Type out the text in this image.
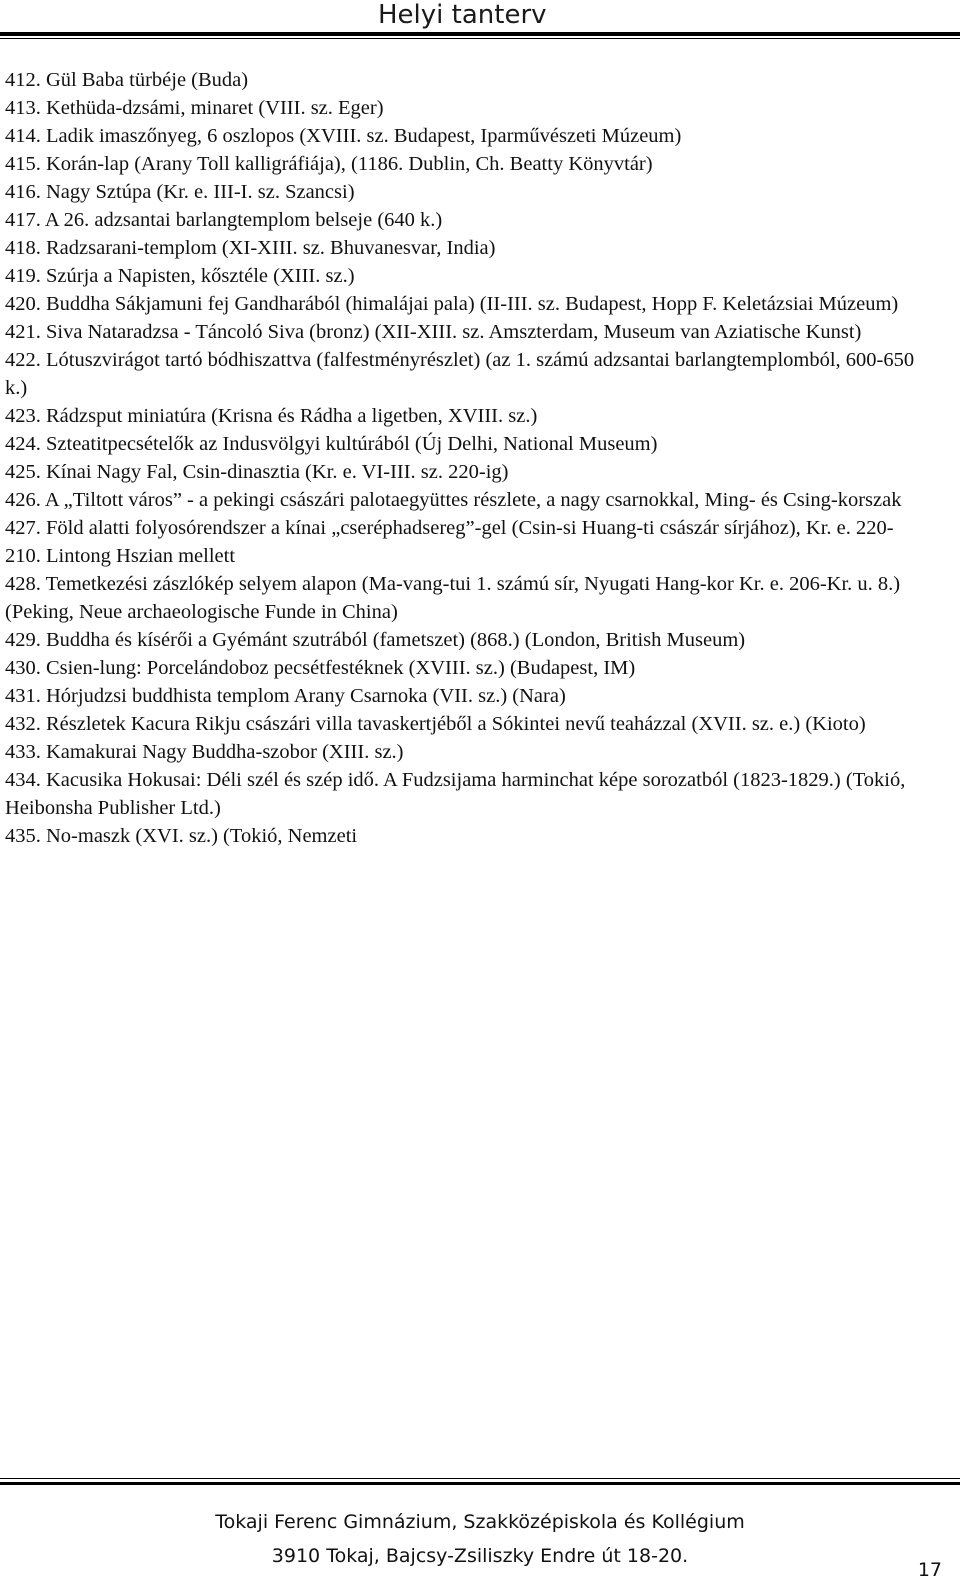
Helyi tanterv
412. Gül Baba türbéje (Buda)
413. Kethüda-dzsámi, minaret (VIII. sz. Eger)
414. Ladik imaszőnyeg, 6 oszlopos (XVIII. sz. Budapest, Iparművészeti Múzeum)
415. Korán-lap (Arany Toll kalligráfiája), (1186. Dublin, Ch. Beatty Könyvtár)
416. Nagy Sztúpa (Kr. e. III-I. sz. Szancsi)
417. A 26. adzsantai barlangtemplom belseje (640 k.)
418. Radzsarani-templom (XI-XIII. sz. Bhuvanesvar, India)
419. Szúrja a Napisten, kősztéle (XIII. sz.)
420. Buddha Sákjamuni fej Gandharából (himalájai pala) (II-III. sz. Budapest, Hopp F. Keletázsiai Múzeum)
421. Siva Nataradzsa - Táncoló Siva (bronz) (XII-XIII. sz. Amszterdam, Museum van Aziatische Kunst)
422. Lótuszvirágot tartó bódhiszattva (falfestményrészlet) (az 1. számú adzsantai barlangtemplomból, 600-650 k.)
423. Rádzsput miniatúra (Krisna és Rádha a ligetben, XVIII. sz.)
424. Szteatitpecsételők az Indusvölgyi kultúrából (Új Delhi, National Museum)
425. Kínai Nagy Fal, Csin-dinasztia (Kr. e. VI-III. sz. 220-ig)
426. A „Tiltott város” - a pekingi császári palotaegyüttes részlete, a nagy csarnokkal, Ming- és Csing-korszak
427. Föld alatti folyosórendszer a kínai „cseréphadsereg”-gel (Csin-si Huang-ti császár sírjához), Kr. e. 220-210. Lintong Hszian mellett
428. Temetkezési zászlókép selyem alapon (Ma-vang-tui 1. számú sír, Nyugati Hang-kor Kr. e. 206-Kr. u. 8.) (Peking, Neue archaeologische Funde in China)
429. Buddha és kísérői a Gyémánt szutrából (fametszet) (868.) (London, British Museum)
430. Csien-lung: Porcelándoboz pecsétfestéknek (XVIII. sz.) (Budapest, IM)
431. Hórjudzsi buddhista templom Arany Csarnoka (VII. sz.) (Nara)
432. Részletek Kacura Rikju császári villa tavaskertjéből a Sókintei nevű teaházzal (XVII. sz. e.) (Kioto)
433. Kamakurai Nagy Buddha-szobor (XIII. sz.)
434. Kacusika Hokusai: Déli szél és szép idő. A Fudzsijama harminchat képe sorozatból (1823-1829.) (Tokió, Heibonsha Publisher Ltd.)
435. No-maszk (XVI. sz.) (Tokió, Nemzeti
Tokaji Ferenc Gimnázium, Szakközépiskola és Kollégium
3910 Tokaj, Bajcsy-Zsiliszky Endre út 18-20.
17
